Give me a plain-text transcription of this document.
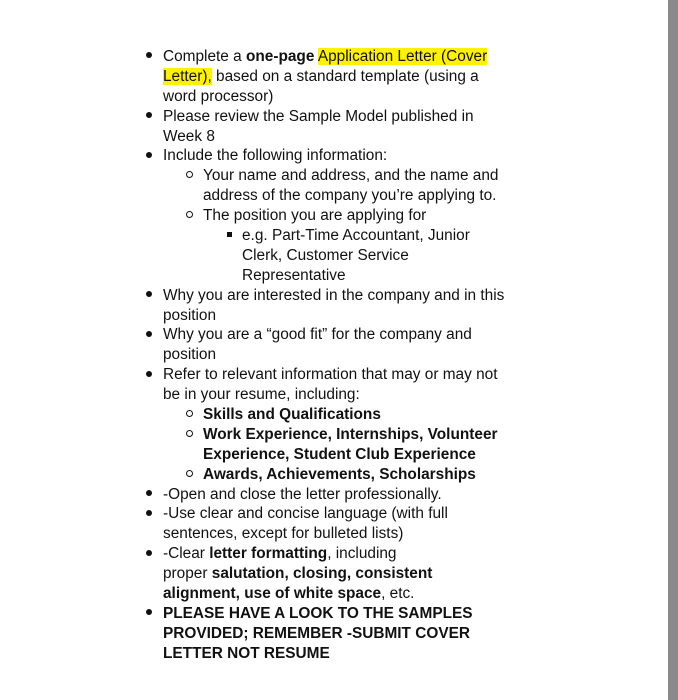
Complete a one-page Application Letter (Cover
Letter), based on a standard template (using a
word processor)
Please review the Sample Model published in
Week 8
Include the following information:
Your name and address, and the name and
address of the company you’re applying to.
The position you are applying for
e.g. Part-Time Accountant, Junior
Clerk, Customer Service
Representative
Why you are interested in the company and in this
position
Why you are a “good fit” for the company and
position
Refer to relevant information that may or may not
be in your resume, including:
Skills and Qualifications
Work Experience, Internships, Volunteer
Experience, Student Club Experience
Awards, Achievements, Scholarships
-Open and close the letter professionally.
-Use clear and concise language (with full
sentences, except for bulleted lists)
-Clear letter formatting, including
proper salutation, closing, consistent
alignment, use of white space, etc.
PLEASE HAVE A LOOK TO THE SAMPLES
PROVIDED; REMEMBER -SUBMIT COVER
LETTER NOT RESUME
